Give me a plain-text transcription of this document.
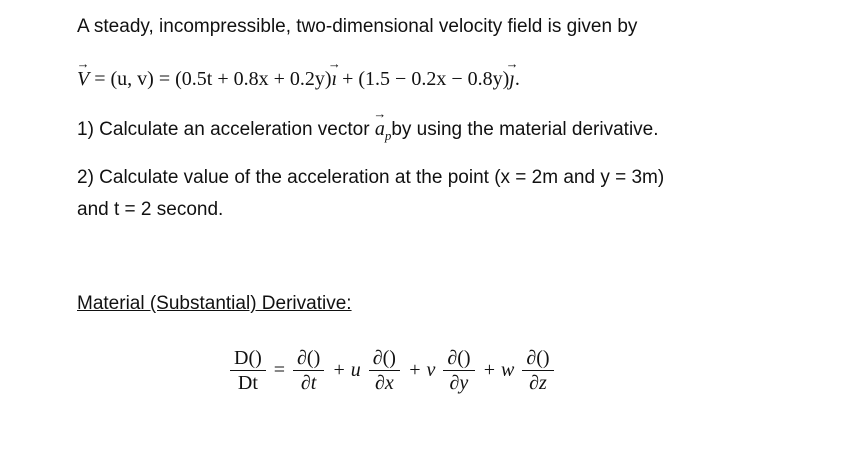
A steady, incompressible, two-dimensional velocity field is given by
→ V = (u, v) = (0.5t + 0.8x + 0.2y)→ ı + (1.5 − 0.2x − 0.8y)→ ȷ.
1) Calculate an acceleration vector → $a_pby$ using the material derivative.
2) Calculate value of the acceleration at the point (x = 2m and y = 3m)
and t = 2 second.
Material (Substantial) Derivative:
$\frac{D()}{Dt} = \frac{\partial()}{\partial t} + u \frac{\partial()}{\partial x} + v \frac{\partial()}{\partial y} + w \frac{\partial()}{\partial z}$
